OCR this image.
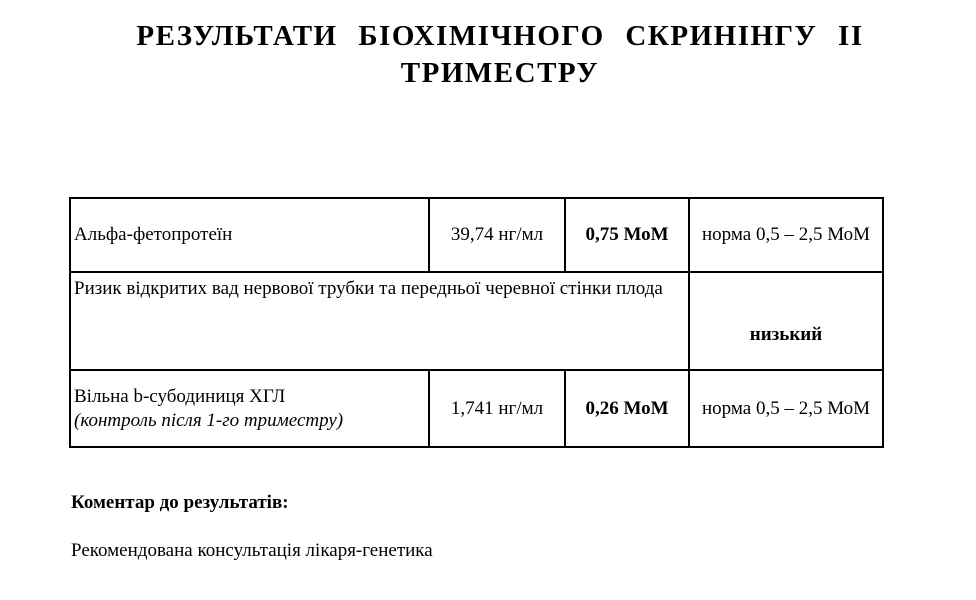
РЕЗУЛЬТАТИ БІОХІМІЧНОГО СКРИНІНГУ ІІ ТРИМЕСТРУ
Альфа-фетопротеїн	39,74 нг/мл	0,75 МоМ	норма 0,5 – 2,5 МоМ
Ризик відкритих вад нервової трубки та передньої черевної стінки плода			низький
Вільна b-субодиниця ХГЛ
(контроль після 1-го триместру)	1,741 нг/мл	0,26 МоМ	норма 0,5 – 2,5 МоМ

Коментар до результатів:

Рекомендована консультація лікаря-генетика
